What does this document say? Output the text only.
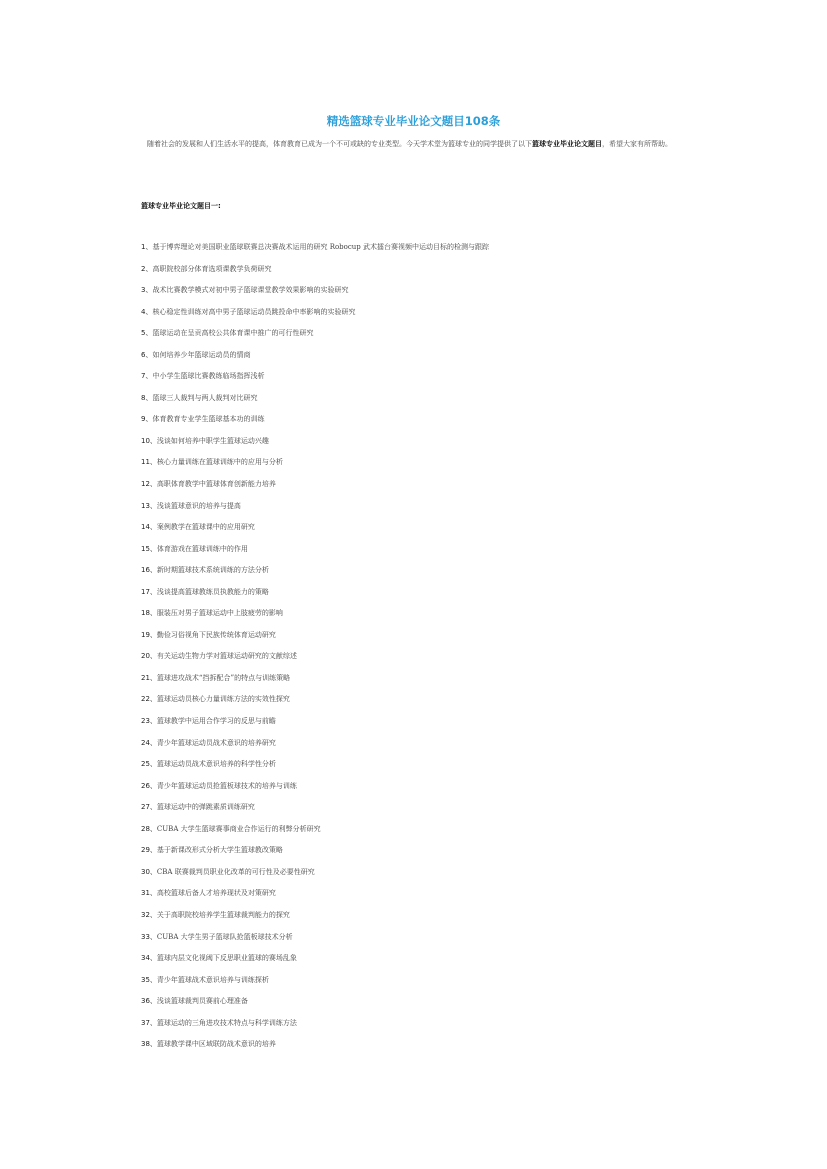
精选篮球专业毕业论文题目108条

随着社会的发展和人们生活水平的提高，体育教育已成为一个不可或缺的专业类型。今天学术堂为篮球专业的同学提供了以下篮球专业毕业论文题目，希望大家有所帮助。

篮球专业毕业论文题目一:
1、基于博弈理论对美国职业篮球联赛总决赛战术运用的研究 Robocup 武术擂台赛视频中运动目标的检测与跟踪
2、高职院校部分体育选项课教学负荷研究
3、战术比赛教学模式对初中男子篮球课堂教学效果影响的实验研究
4、核心稳定性训练对高中男子篮球运动员跳投命中率影响的实验研究
5、篮球运动在呈贡高校公共体育课中推广的可行性研究
6、如何培养少年篮球运动员的情商
7、中小学生篮球比赛教练临场指挥浅析
8、篮球三人裁判与两人裁判对比研究
9、体育教育专业学生篮球基本功的训练
10、浅谈如何培养中职学生篮球运动兴趣
11、核心力量训练在篮球训练中的应用与分析
12、高职体育教学中篮球体育创新能力培养
13、浅谈篮球意识的培养与提高
14、案例教学在篮球课中的应用研究
15、体育游戏在篮球训练中的作用
16、新时期篮球技术系统训练的方法分析
17、浅谈提高篮球教练员执教能力的策略
18、服装压对男子篮球运动中上肢疲劳的影响
19、勤俭习俗视角下民族传统体育运动研究
20、有关运动生物力学对篮球运动研究的文献综述
21、篮球进攻战术“挡拆配合”的特点与训练策略
22、篮球运动员核心力量训练方法的实效性探究
23、篮球教学中运用合作学习的反思与前瞻
24、青少年篮球运动员战术意识的培养研究
25、篮球运动员战术意识培养的科学性分析
26、青少年篮球运动员抢篮板球技术的培养与训练
27、篮球运动中的弹跳素质训练研究
28、CUBA 大学生篮球赛事商业合作运行的利弊分析研究
29、基于新课改形式分析大学生篮球教改策略
30、CBA 联赛裁判员职业化改革的可行性及必要性研究
31、高校篮球后备人才培养现状及对策研究
32、关于高职院校培养学生篮球裁判能力的探究
33、CUBA 大学生男子篮球队抢篮板球技术分析
34、篮球内层文化视阈下反思职业篮球的赛场乱象
35、青少年篮球战术意识培养与训练探析
36、浅谈篮球裁判员赛前心理准备
37、篮球运动的三角进攻技术特点与科学训练方法
38、篮球教学课中区域联防战术意识的培养
